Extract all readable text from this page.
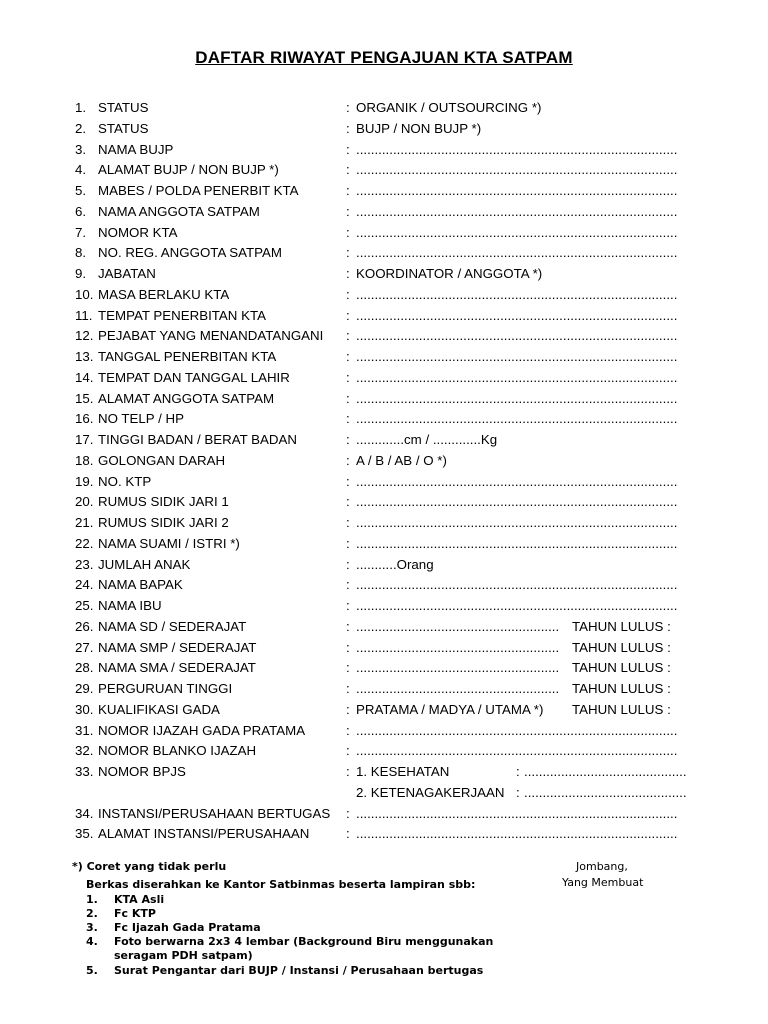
DAFTAR RIWAYAT PENGAJUAN KTA SATPAM
1. STATUS	: ORGANIK / OUTSOURCING *)
2. STATUS	: BUJP / NON BUJP *)
3. NAMA BUJP	: .......................................................................................
4. ALAMAT BUJP / NON BUJP *)	: .......................................................................................
5. MABES / POLDA PENERBIT KTA	: .......................................................................................
6. NAMA ANGGOTA SATPAM	: .......................................................................................
7. NOMOR KTA	: .......................................................................................
8. NO. REG. ANGGOTA SATPAM	: .......................................................................................
9. JABATAN	: KOORDINATOR / ANGGOTA *)
10. MASA BERLAKU KTA	: .......................................................................................
11. TEMPAT PENERBITAN KTA	: .......................................................................................
12. PEJABAT YANG MENANDATANGANI : .......................................................................................
13. TANGGAL PENERBITAN KTA	: .......................................................................................
14. TEMPAT DAN TANGGAL LAHIR	: .......................................................................................
15. ALAMAT ANGGOTA SATPAM	: .......................................................................................
16. NO TELP / HP	: .......................................................................................
17. TINGGI BADAN / BERAT BADAN	: .............cm / .............Kg
18. GOLONGAN DARAH	: A / B / AB / O *)
19. NO. KTP	: .......................................................................................
20. RUMUS SIDIK JARI 1	: .......................................................................................
21. RUMUS SIDIK JARI 2	: .......................................................................................
22. NAMA SUAMI / ISTRI *)	: .......................................................................................
23. JUMLAH ANAK	: ...........Orang
24. NAMA BAPAK	: .......................................................................................
25. NAMA IBU	: .......................................................................................
26. NAMA SD / SEDERAJAT	: ....................................................... TAHUN LULUS :
27. NAMA SMP / SEDERAJAT	: ....................................................... TAHUN LULUS :
28. NAMA SMA / SEDERAJAT	: ....................................................... TAHUN LULUS :
29. PERGURUAN TINGGI	: ....................................................... TAHUN LULUS :
30. KUALIFIKASI GADA	: PRATAMA / MADYA / UTAMA *) TAHUN LULUS :
31. NOMOR IJAZAH GADA PRATAMA	: .......................................................................................
32. NOMOR BLANKO IJAZAH	: .......................................................................................
33. NOMOR BPJS	: 1. KESEHATAN	: ............................................
2. KETENAGAKERJAAN : ............................................
34. INSTANSI/PERUSAHAAN BERTUGAS : .......................................................................................
35. ALAMAT INSTANSI/PERUSAHAAN	: .......................................................................................
*) Coret yang tidak perlu
Berkas diserahkan ke Kantor Satbinmas beserta lampiran sbb:
1. KTA Asli
2. Fc KTP
3. Fc Ijazah Gada Pratama
4. Foto berwarna 2x3 4 lembar (Background Biru menggunakan
seragam PDH satpam)
5. Surat Pengantar dari BUJP / Instansi / Perusahaan bertugas
Jombang,
Yang Membuat
